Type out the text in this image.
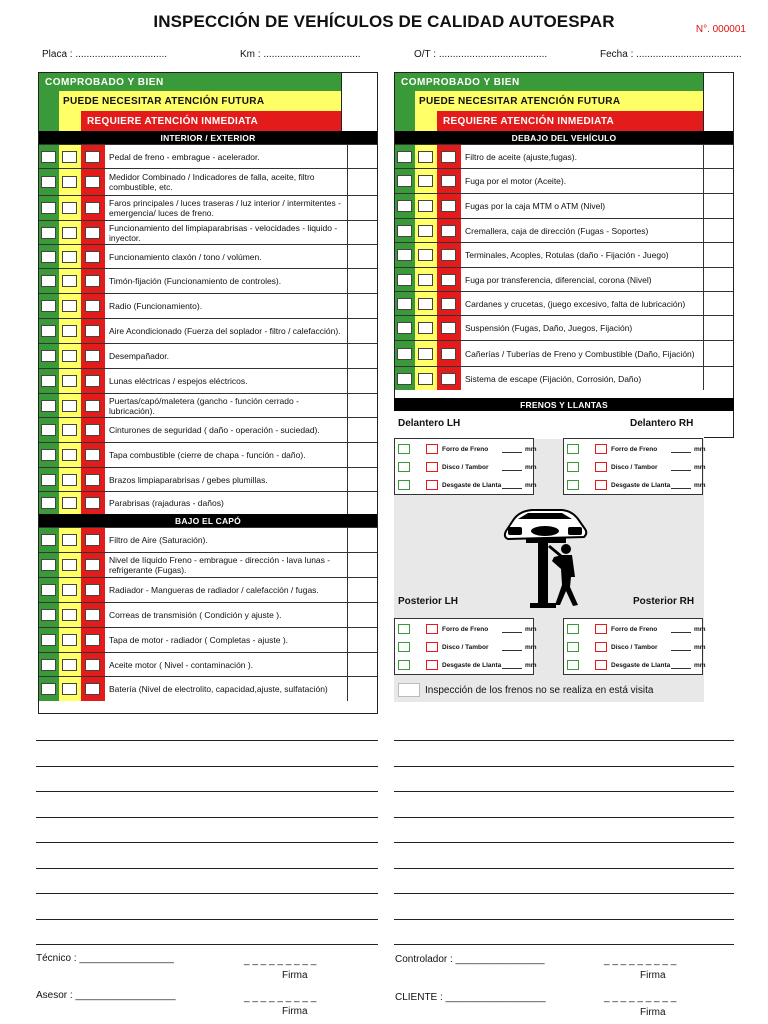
INSPECCIÓN DE VEHÍCULOS DE CALIDAD AUTOESPAR	N°. 000001
Placa : .................................	Km : ...................................	O/T : .......................................	Fecha : ......................................
COMPROBADO Y BIEN
PUEDE NECESITAR ATENCIÓN FUTURA
REQUIERE ATENCIÓN INMEDIATA
INTERIOR / EXTERIOR
Pedal de freno - embrague - acelerador.
Medidor Combinado / Indicadores de falla, aceite, filtro combustible, etc.
Faros principales / luces traseras / luz interior / intermitentes - emergencia/ luces de freno.
Funcionamiento del limpiaparabrisas - velocidades - liquido - inyector.
Funcionamiento claxón / tono / volúmen.
Timón-fijación (Funcionamiento de controles).
Radio (Funcionamiento).
Aire Acondicionado (Fuerza del soplador - filtro / calefacción).
Desempañador.
Lunas eléctricas / espejos eléctricos.
Puertas/capó/maletera (gancho - función cerrado - lubricación).
Cinturones de seguridad ( daño - operación - suciedad).
Tapa combustible (cierre de chapa - función - daño).
Brazos limpiaparabrisas / gebes plumillas.
Parabrisas (rajaduras - daños)
BAJO EL CAPÓ
Filtro de Aire (Saturación).
Nivel de líquido Freno - embrague - dirección - lava lunas - refrigerante (Fugas).
Radiador - Mangueras de radiador / calefacción / fugas.
Correas de transmisión ( Condición y ajuste ).
Tapa de motor - radiador ( Completas - ajuste ).
Aceite motor ( Nivel - contaminación ).
Batería (Nivel de electrolito, capacidad,ajuste, sulfatación)
COMPROBADO Y BIEN
PUEDE NECESITAR ATENCIÓN FUTURA
REQUIERE ATENCIÓN INMEDIATA
DEBAJO DEL VEHÍCULO
Filtro de aceite (ajuste,fugas).
Fuga por el motor (Aceite).
Fugas por la caja MTM o ATM (Nivel)
Cremallera, caja de dirección (Fugas - Soportes)
Terminales, Acoples, Rotulas (daño - Fijación - Juego)
Fuga por transferencia, diferencial, corona (Nivel)
Cardanes y crucetas, (juego excesivo, falta de lubricación)
Suspensión (Fugas, Daño, Juegos, Fijación)
Cañerías / Tuberías de Freno y Combustible (Daño, Fijación)
Sistema de escape (Fijación, Corrosión, Daño)
FRENOS Y LLANTAS
Delantero LH	Delantero RH
Posterior LH	Posterior RH
Forro de Freno	mm
Disco / Tambor	mm
Desgaste de Llanta	mm
Forro de Freno	mm
Disco / Tambor	mm
Desgaste de Llanta	mm
Forro de Freno	mm
Disco / Tambor	mm
Desgaste de Llanta	mm
Forro de Freno	mm
Disco / Tambor	mm
Desgaste de Llanta	mm
Inspección de los frenos no se realiza en está visita
Técnico : _________________	_ _ _ _ _ _ _ _ _
Firma
Asesor : __________________	_ _ _ _ _ _ _ _ _
Firma
Controlador : ________________	_ _ _ _ _ _ _ _ _
Firma
CLIENTE : __________________	_ _ _ _ _ _ _ _ _
Firma
